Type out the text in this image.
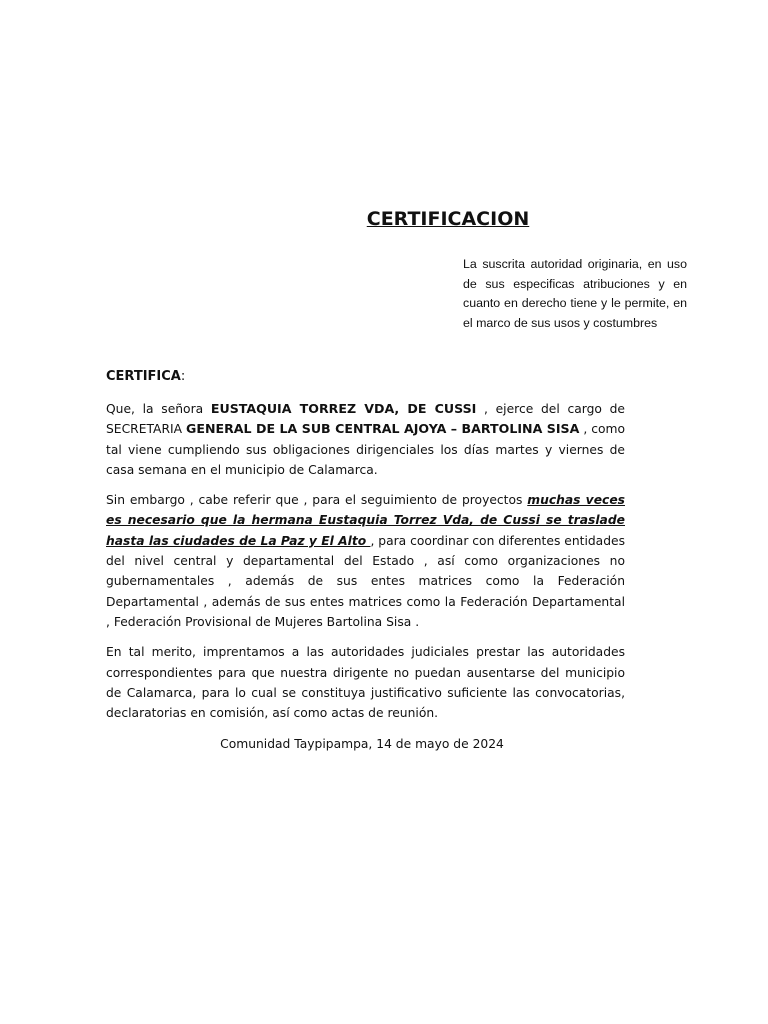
CERTIFICACION
La suscrita autoridad originaria, en uso de sus especificas atribuciones y en cuanto en derecho tiene y le permite, en el marco de sus usos y costumbres
CERTIFICA:

Que, la señora EUSTAQUIA TORREZ VDA, DE CUSSI , ejerce del cargo de SECRETARIA GENERAL DE LA SUB CENTRAL AJOYA – BARTOLINA SISA , como tal viene cumpliendo sus obligaciones dirigenciales los días martes y viernes de casa semana en el municipio de Calamarca.

Sin embargo , cabe referir que , para el seguimiento de proyectos muchas veces es necesario que la hermana Eustaquia Torrez Vda, de Cussi se traslade hasta las ciudades de La Paz y El Alto , para coordinar con diferentes entidades del nivel central y departamental del Estado , así como organizaciones no gubernamentales , además de sus entes matrices como la Federación Departamental , además de sus entes matrices como la Federación Departamental , Federación Provisional de Mujeres Bartolina Sisa .

En tal merito, imprentamos a las autoridades judiciales prestar las autoridades correspondientes para que nuestra dirigente no puedan ausentarse del municipio de Calamarca, para lo cual se constituya justificativo suficiente las convocatorias, declaratorias en comisión, así como actas de reunión.

Comunidad Taypipampa, 14 de mayo de 2024
